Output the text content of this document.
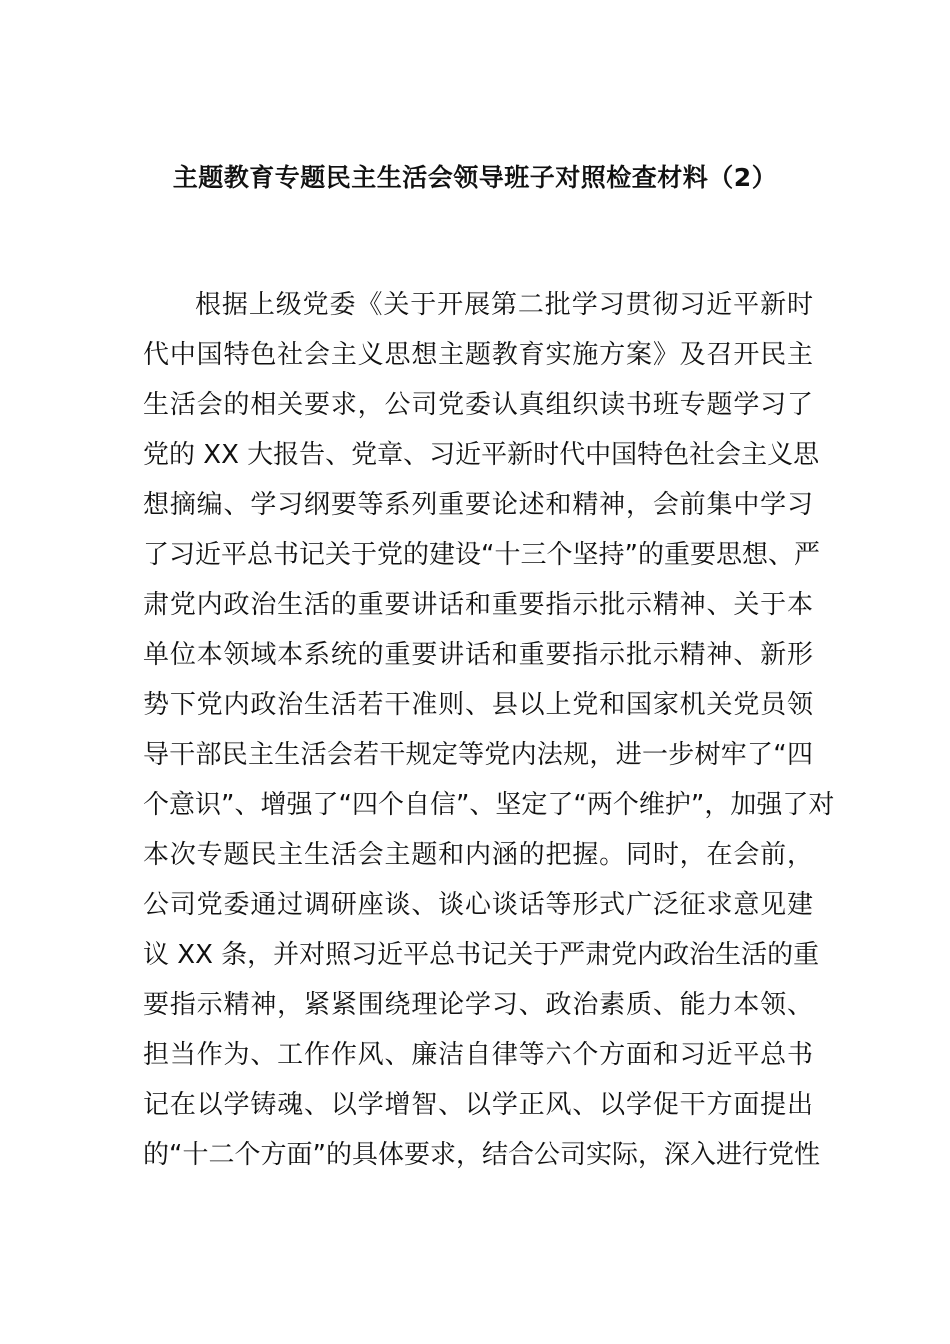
主题教育专题民主生活会领导班子对照检查材料（2）
根据上级党委《关于开展第二批学习贯彻习近平新时
代中国特色社会主义思想主题教育实施方案》及召开民主
生活会的相关要求，公司党委认真组织读书班专题学习了
党的 XX 大报告、党章、习近平新时代中国特色社会主义思
想摘编、学习纲要等系列重要论述和精神，会前集中学习
了习近平总书记关于党的建设“十三个坚持”的重要思想、严
肃党内政治生活的重要讲话和重要指示批示精神、关于本
单位本领域本系统的重要讲话和重要指示批示精神、新形
势下党内政治生活若干准则、县以上党和国家机关党员领
导干部民主生活会若干规定等党内法规，进一步树牢了“四
个意识”、增强了“四个自信”、坚定了“两个维护”，加强了对
本次专题民主生活会主题和内涵的把握。同时，在会前，
公司党委通过调研座谈、谈心谈话等形式广泛征求意见建
议 XX 条，并对照习近平总书记关于严肃党内政治生活的重
要指示精神，紧紧围绕理论学习、政治素质、能力本领、
担当作为、工作作风、廉洁自律等六个方面和习近平总书
记在以学铸魂、以学增智、以学正风、以学促干方面提出
的“十二个方面”的具体要求，结合公司实际，深入进行党性
